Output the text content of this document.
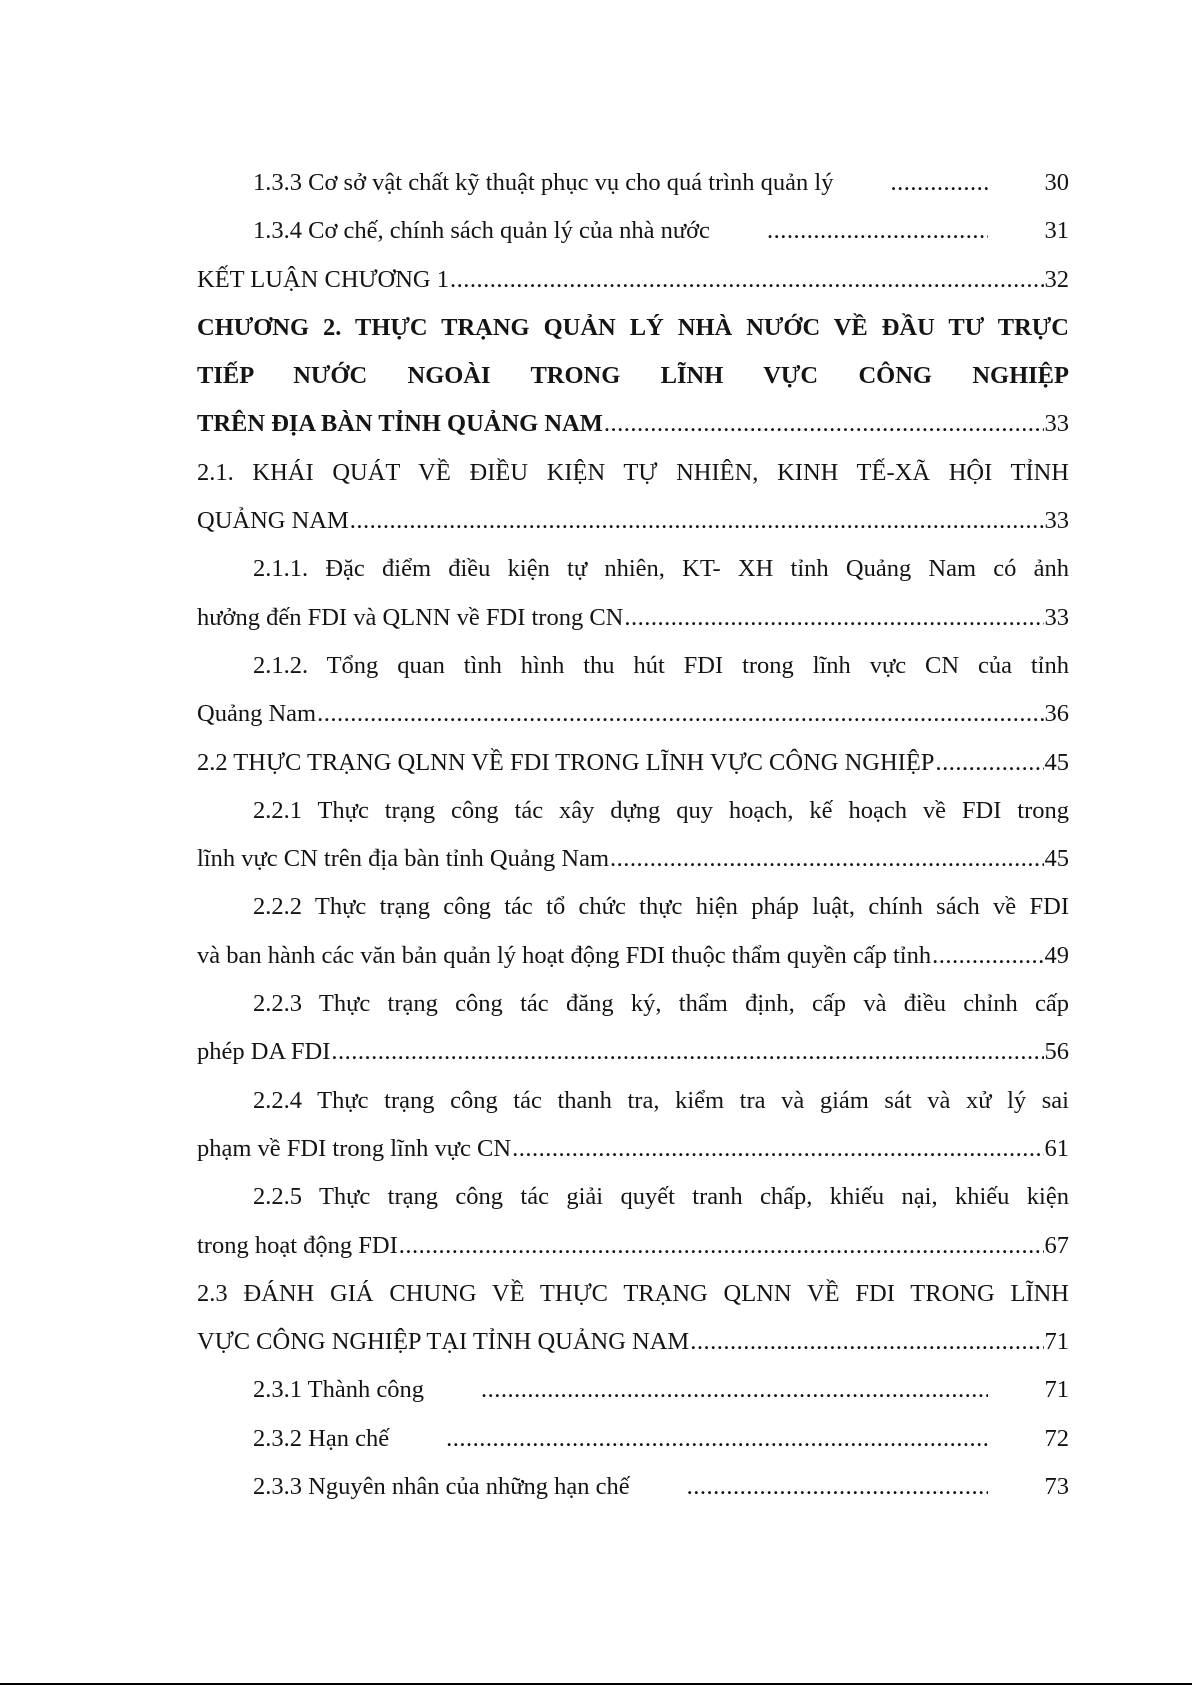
1.3.3 Cơ sở vật chất kỹ thuật phục vụ cho quá trình quản lý .....	30
1.3.4 Cơ chế, chính sách quản lý của nhà nước .....	31
KẾT LUẬN CHƯƠNG 1 .....	32

CHƯƠNG 2. THỰC TRẠNG QUẢN LÝ NHÀ NƯỚC VỀ ĐẦU TƯ TRỰC TIẾP NƯỚC NGOÀI TRONG LĨNH VỰC CÔNG NGHIỆP

TRÊN ĐỊA BÀN TỈNH QUẢNG NAM .....	33

2.1. KHÁI QUÁT VỀ ĐIỀU KIỆN TỰ NHIÊN, KINH TẾ-XÃ HỘI TỈNH

QUẢNG NAM .....	33

2.1.1. Đặc điểm điều kiện tự nhiên, KT- XH tỉnh Quảng Nam có ảnh

hưởng đến FDI và QLNN về FDI trong CN .....	33

2.1.2. Tổng quan tình hình thu hút FDI trong lĩnh vực CN của tỉnh

Quảng Nam .....	36
2.2 THỰC TRẠNG QLNN VỀ FDI TRONG LĨNH VỰC CÔNG NGHIỆP .....	45

2.2.1 Thực trạng công tác xây dựng quy hoạch, kế hoạch về FDI trong

lĩnh vực CN trên địa bàn tỉnh Quảng Nam .....	45

2.2.2 Thực trạng công tác tổ chức thực hiện pháp luật, chính sách về FDI

và ban hành các văn bản quản lý hoạt động FDI thuộc thẩm quyền cấp tỉnh .....	49

2.2.3 Thực trạng công tác đăng ký, thẩm định, cấp và điều chỉnh cấp

phép DA FDI .....	56

2.2.4 Thực trạng công tác thanh tra, kiểm tra và giám sát và xử lý sai

phạm về FDI trong lĩnh vực CN .....	61

2.2.5 Thực trạng công tác giải quyết tranh chấp, khiếu nại, khiếu kiện

trong hoạt động FDI .....	67

2.3 ĐÁNH GIÁ CHUNG VỀ THỰC TRẠNG QLNN VỀ FDI TRONG LĨNH

VỰC CÔNG NGHIỆP TẠI TỈNH QUẢNG NAM .....	71
2.3.1 Thành công .....	71
2.3.2 Hạn chế .....	72
2.3.3 Nguyên nhân của những hạn chế .....	73
